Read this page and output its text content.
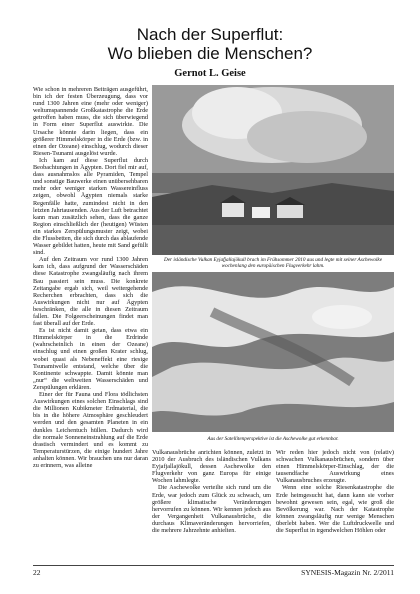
Nach der Superflut:
Wo blieben die Menschen?
Gernot L. Geise

Wie schon in mehreren Beiträgen ausgeführt, bin ich der festen Überzeugung, dass vor rund 1300 Jahren eine (mehr oder weniger) weltumspannende Großkatastrophe die Erde getroffen haben muss, die sich überwiegend in Form einer Superflut auswirkte. Die Ursache könnte darin liegen, dass ein größerer Himmelskörper in die Erde (bzw. in einen der Ozeane) einschlug, wodurch dieser Riesen-Tsunami ausgelöst wurde.

Ich kam auf diese Superflut durch Beobachtungen in Ägypten. Dort fiel mir auf, dass ausnahmslos alle Pyramiden, Tempel und sonstige Bauwerke einen unübersehbaren mehr oder weniger starken Wassereinfluss zeigen, obwohl Ägypten niemals starke Regenfälle hatte, zumindest nicht in den letzten Jahrtausenden. Aus der Luft betrachtet kann man zusätzlich sehen, dass die ganze Region einschließlich der (heutigen) Wüsten ein starkes Zerspülungsmuster zeigt, wobei die Flussbetten, die sich durch das ablaufende Wasser gebildet hatten, heute mit Sand gefüllt sind.

Auf den Zeitraum vor rund 1300 Jahren kam ich, dass aufgrund der Wasserschäden diese Katastrophe zwangsläufig nach ihrem Bau passiert sein muss. Die konkrete Zeitangabe ergab sich, weil weitergehende Recherchen erbrachten, dass sich die Auswirkungen nicht nur auf Ägypten beschränken, die alle in diesen Zeitraum fallen. Die Folgeerscheinungen findet man fast überall auf der Erde.

Es ist nicht damit getan, dass etwa ein Himmelskörper in die Erdrinde (wahrscheinlich in einen der Ozeane) einschlug und einen großen Krater schlug, wobei quasi als Nebeneffekt eine riesige Tsunamiwelle entstand, welche über die Kontinente schwappte. Damit könnte man „nur“ die weltweiten Wasserschäden und Zerspülungen erklären.

Einer der für Fauna und Flora tödlichsten Auswirkungen eines solchen Einschlags sind die Millionen Kubikmeter Erdmaterial, die bis in die höhere Atmosphäre geschleudert werden und den gesamten Planeten in ein dunkles Leichentuch hüllen. Dadurch wird die normale Sonneneinstrahlung auf die Erde drastisch vermindert und es kommt zu Temperaturstürzen, die einige hundert Jahre anhalten können. Wir brauchen uns nur daran zu erinnern, was alleine

Der isländische Vulkan Eyjafjallajökull brach im Frühsommer 2010 aus und legte mit seiner Aschewolke wochenlang den europäischen Flugverkehr lahm.
Aus der Satellitenperspektive ist die Aschewolke gut erkennbar.

Vulkanausbrüche anrichten können, zuletzt in 2010 der Ausbruch des isländischen Vulkans Eyjafjallajökull, dessen Aschewolke den Flugverkehr von ganz Europa für einige Wochen lahmlegte.

Die Aschewolke verteilte sich rund um die Erde, war jedoch zum Glück zu schwach, um größere klimatische Veränderungen hervorrufen zu können. Wir kennen jedoch aus der Vergangenheit Vulkanausbrüche, die durchaus Klimaveränderungen hervorriefen, die mehrere Jahrzehnte anhielten.

Wir reden hier jedoch nicht von (relativ) schwachen Vulkanausbrüchen, sondern über einen Himmelskörper-Einschlag, der die tausendfache Auswirkung eines Vulkanausbruches erzeugte.

Wenn eine solche Riesenkatastrophe die Erde heimgesucht hat, dann kann sie vorher bewohnt gewesen sein, egal, wie groß die Bevölkerung war. Nach der Katastrophe können zwangsläufig nur wenige Menschen überlebt haben. Wer die Luftdruckwelle und die Superflut in irgendwelchen Höhlen oder

22	SYNESIS-Magazin Nr. 2/2011
